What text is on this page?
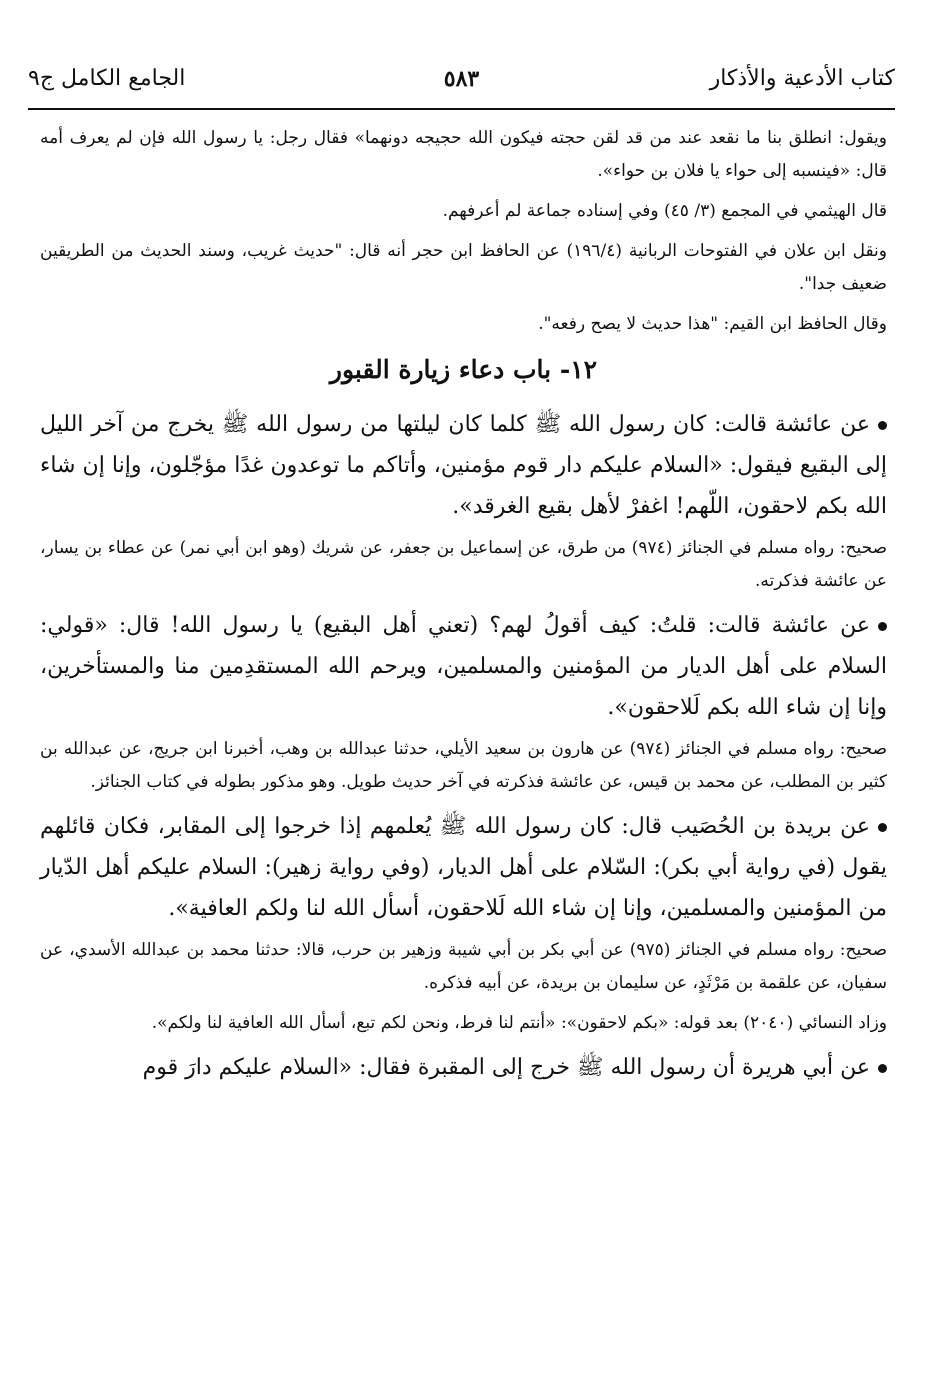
كتاب الأدعية والأذكار
٥٨٣
الجامع الكامل ج٩

ويقول: انطلق بنا ما نقعد عند من قد لقن حجته فيكون الله حجيجه دونهما» فقال رجل: يا رسول الله فإن لم يعرف أمه قال: «فينسبه إلى حواء يا فلان بن حواء».

قال الهيثمي في المجمع (٣/ ٤٥) وفي إسناده جماعة لم أعرفهم.

ونقل ابن علان في الفتوحات الربانية (١٩٦/٤) عن الحافظ ابن حجر أنه قال: "حديث غريب، وسند الحديث من الطريقين ضعيف جدا".

وقال الحافظ ابن القيم: "هذا حديث لا يصح رفعه".

١٢- باب دعاء زيارة القبور

عن عائشة قالت: كان رسول الله ﷺ كلما كان ليلتها من رسول الله ﷺ يخرج من آخر الليل إلى البقيع فيقول: «السلام عليكم دار قوم مؤمنين، وأتاكم ما توعدون غدًا مؤجّلون، وإنا إن شاء الله بكم لاحقون، اللّهم! اغفرْ لأهل بقيع الغرقد».

صحيح: رواه مسلم في الجنائز (٩٧٤) من طرق، عن إسماعيل بن جعفر، عن شريك (وهو ابن أبي نمر) عن عطاء بن يسار، عن عائشة فذكرته.

عن عائشة قالت: قلتُ: كيف أقولُ لهم؟ (تعني أهل البقيع) يا رسول الله! قال: «قولي: السلام على أهل الديار من المؤمنين والمسلمين، ويرحم الله المستقدِمين منا والمستأخرين، وإنا إن شاء الله بكم لَلاحقون».

صحيح: رواه مسلم في الجنائز (٩٧٤) عن هارون بن سعيد الأيلي، حدثنا عبدالله بن وهب، أخبرنا ابن جريج، عن عبدالله بن كثير بن المطلب، عن محمد بن قيس، عن عائشة فذكرته في آخر حديث طويل. وهو مذكور بطوله في كتاب الجنائز.

عن بريدة بن الحُصَيب قال: كان رسول الله ﷺ يُعلمهم إذا خرجوا إلى المقابر، فكان قائلهم يقول (في رواية أبي بكر): السّلام على أهل الديار، (وفي رواية زهير): السلام عليكم أهل الدّيار من المؤمنين والمسلمين، وإنا إن شاء الله لَلاحقون، أسأل الله لنا ولكم العافية».

صحيح: رواه مسلم في الجنائز (٩٧٥) عن أبي بكر بن أبي شيبة وزهير بن حرب، قالا: حدثنا محمد بن عبدالله الأسدي، عن سفيان، عن علقمة بن مَرْثَدٍ، عن سليمان بن بريدة، عن أبيه فذكره.

وزاد النسائي (٢٠٤٠) بعد قوله: «بكم لاحقون»: «أنتم لنا فرط، ونحن لكم تبع، أسأل الله العافية لنا ولكم».

عن أبي هريرة أن رسول الله ﷺ خرج إلى المقبرة فقال: «السلام عليكم دارَ قوم
